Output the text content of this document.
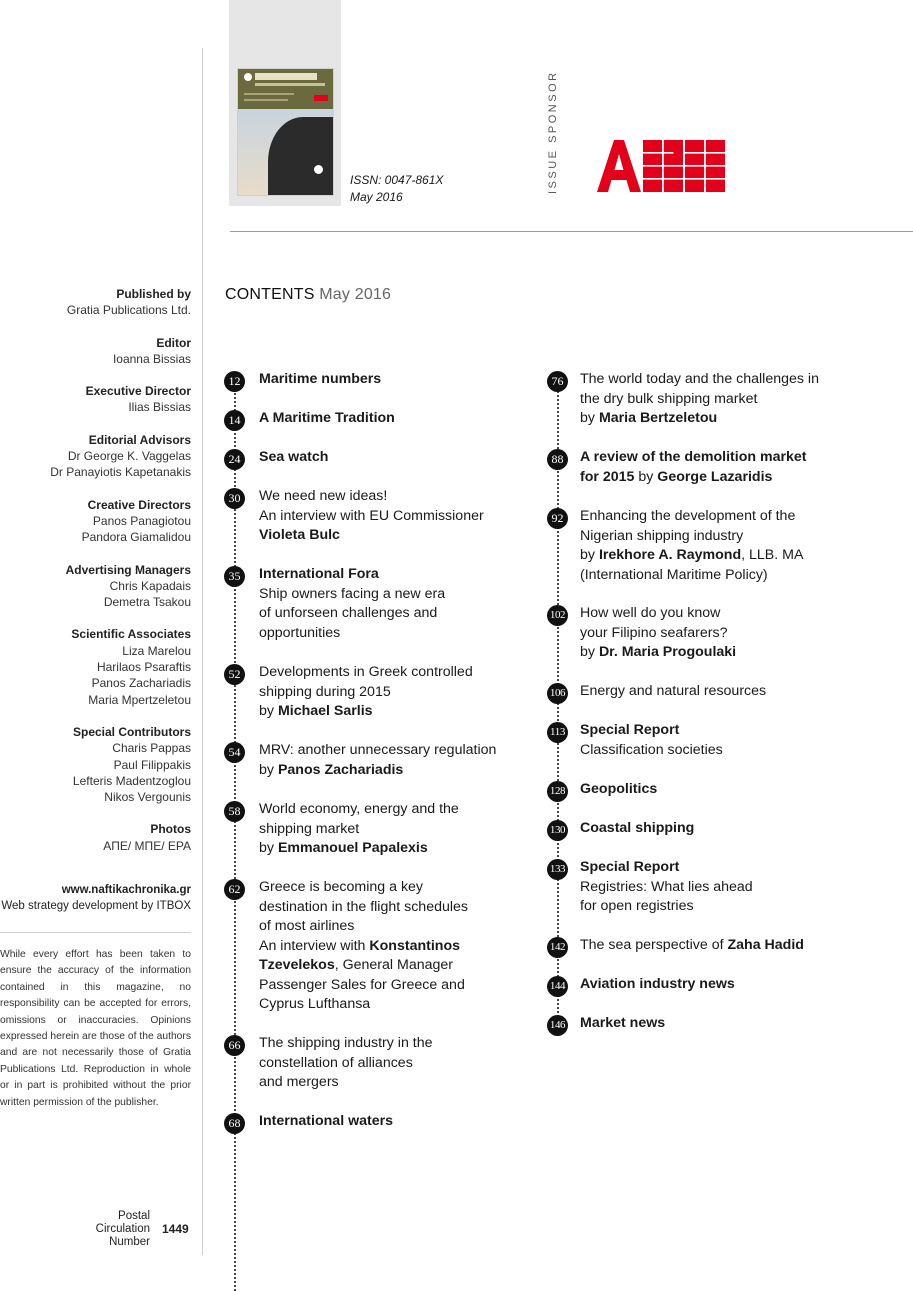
ISSN: 0047-861X
May 2016
ISSUE SPONSOR
Published by
Gratia Publications Ltd.
Editor
Ioanna Bissias
Executive Director
Ilias Bissias
Editorial Advisors
Dr George K. Vaggelas
Dr Panayiotis Kapetanakis
Creative Directors
Panos Panagiotou
Pandora Giamalidou
Advertising Managers
Chris Kapadais
Demetra Tsakou
Scientific Associates
Liza Marelou
Harilaos Psaraftis
Panos Zachariadis
Maria Mpertzeletou
Special Contributors
Charis Pappas
Paul Filippakis
Lefteris Madentzoglou
Nikos Vergounis
Photos
ΑΠΕ/ ΜΠΕ/ EPA
www.naftikachronika.gr
Web strategy development by ITBOX
While every effort has been taken to ensure the accuracy of the information contained in this magazine, no responsibility can be accepted for errors, omissions or inaccuracies. Opinions expressed herein are those of the authors and are not necessarily those of Gratia Publications Ltd. Reproduction in whole or in part is prohibited without the prior written permission of the publisher.
Postal
Circulation
Number
1449
CONTENTS May 2016
12	Maritime numbers
14	A Maritime Tradition
24	Sea watch
30	We need new ideas!
An interview with EU Commissioner
Violeta Bulc
35	International Fora
Ship owners facing a new era
of unforseen challenges and
opportunities
52	Developments in Greek controlled
shipping during 2015
by Michael Sarlis
54	MRV: another unnecessary regulation
by Panos Zachariadis
58	World economy, energy and the
shipping market
by Emmanouel Papalexis
62	Greece is becoming a key
destination in the flight schedules
of most airlines
An interview with Konstantinos
Tzevelekos, General Manager
Passenger Sales for Greece and
Cyprus Lufthansa
66	The shipping industry in the
constellation of alliances
and mergers
68	International waters
76	The world today and the challenges in
the dry bulk shipping market
by Maria Bertzeletou
88	A review of the demolition market
for 2015 by George Lazaridis
92	Enhancing the development of the
Nigerian shipping industry
by Irekhore A. Raymond, LLB. MA
(International Maritime Policy)
102 How well do you know
your Filipino seafarers?
by Dr. Maria Progoulaki
106 Energy and natural resources
113 Special Report
Classification societies
128 Geopolitics
130 Coastal shipping
133 Special Report
Registries: What lies ahead
for open registries
142 The sea perspective of Zaha Hadid
144 Aviation industry news
146 Market news
